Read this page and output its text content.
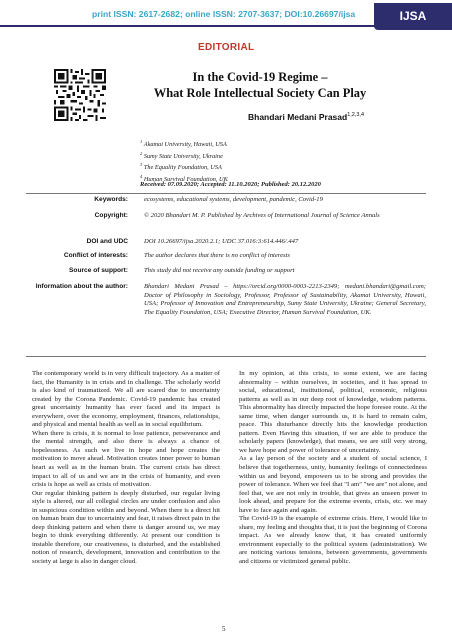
print ISSN: 2617-2682; online ISSN: 2707-3637; DOI:10.26697/ijsa	IJSA
EDITORIAL
In the Covid-19 Regime –
What Role Intellectual Society Can Play
Bhandari Medani Prasad$^{1,2,3,4}$
$^1$ Akamai University, Hawaii, USA
$^2$ Sumy State University, Ukraine
$^3$ The Equality Foundation, USA
$^4$ Human Survival Foundation, UK
Received: 07.09.2020; Accepted: 11.10.2020; Published: 20.12.2020
Keywords:	ecosystems, educational systems, development, pandemic, Covid-19
Copyright:	© 2020 Bhandari M. P. Published by Archives of International Journal of Science Annals
DOI and UDC	DOI 10.26697/ijsa.2020.2.1; UDC 37.016:3:614.446/.447
Conflict of interests:	The author declares that there is no conflict of interests
Source of support:	This study did not receive any outside funding or support
Information about the author:	Bhandari Medani Prasad – https://orcid.org/0000-0003-2213-2349; medani.bhandari@gmail.com; Doctor of Philosophy in Sociology, Professor, Professor of Sustainability, Akamai University, Hawaii, USA; Professor of Innovation and Entrepreneurship, Sumy State University, Ukraine; General Secretary, The Equality Foundation, USA; Executive Director, Human Survival Foundation, UK.

The contemporary world is in very difficult trajectory. As a matter of fact, the Humanity is in crisis and in challenge. The scholarly world is also kind of traumatized. We all are scared due to uncertainty created by the Corona Pandemic. Covid-19 pandemic has created great uncertainty humanity has ever faced and its impact is everywhere, over the economy, employment, finances, relationships, and physical and mental health as well as in social equilibrium.

When there is crisis, it is normal to lose patience, perseverance and the mental strength, and also there is always a chance of hopelessness. As such we live in hope and hope creates the motivation to move ahead. Motivation creates inner power to human heart as well as in the human brain. The current crisis has direct impact to all of us and we are in the crisis of humanity, and even crisis is hope as well as crisis of motivation.

Our regular thinking pattern is deeply disturbed, our regular living style is altered, our all collegial circles are under confusion and also in suspicious condition within and beyond. When there is a direct hit on human brain due to uncertainty and fear, it raises direct pain in the deep thinking pattern and when there is danger around us, we may begin to think everything differently. At present our condition is instable therefore, our creativeness, is disturbed, and the established notion of research, development, innovation and contribution to the society at large is also in danger cloud.

In my opinion, at this crisis, to some extent, we are facing abnormality – within ourselves, in societies, and it has spread to social, educational, institutional, political, economic, religious patterns as well as in our deep root of knowledge, wisdom patterns. This abnormality has directly impacted the hope foresee route. At the same time, when danger surrounds us, it is hard to remain calm, peace. This disturbance directly hits the knowledge production pattern. Even Having this situation, if we are able to produce the scholarly papers (knowledge), that means, we are still very strong, we have hope and power of tolerance of uncertainty.

As a lay person of the society and a student of social science, I believe that togetherness, unity, humanity feelings of connectedness within us and beyond, empowers us to be strong and provides the power of tolerance. When we feel that "I am" "we are" not alone, and feel that, we are not only in trouble, that gives an unseen power to look ahead, and prepare for the extreme events, crisis, etc. we may have to face again and again.

The Covid-19 is the example of extreme crisis. Here, I would like to share, my feeling and thoughts that, it is just the beginning of Corona impact. As we already know that, it has created uniformly environment especially to the political system (administration). We are noticing various tensions, between governments, governments and citizens or victimized general public.

5
